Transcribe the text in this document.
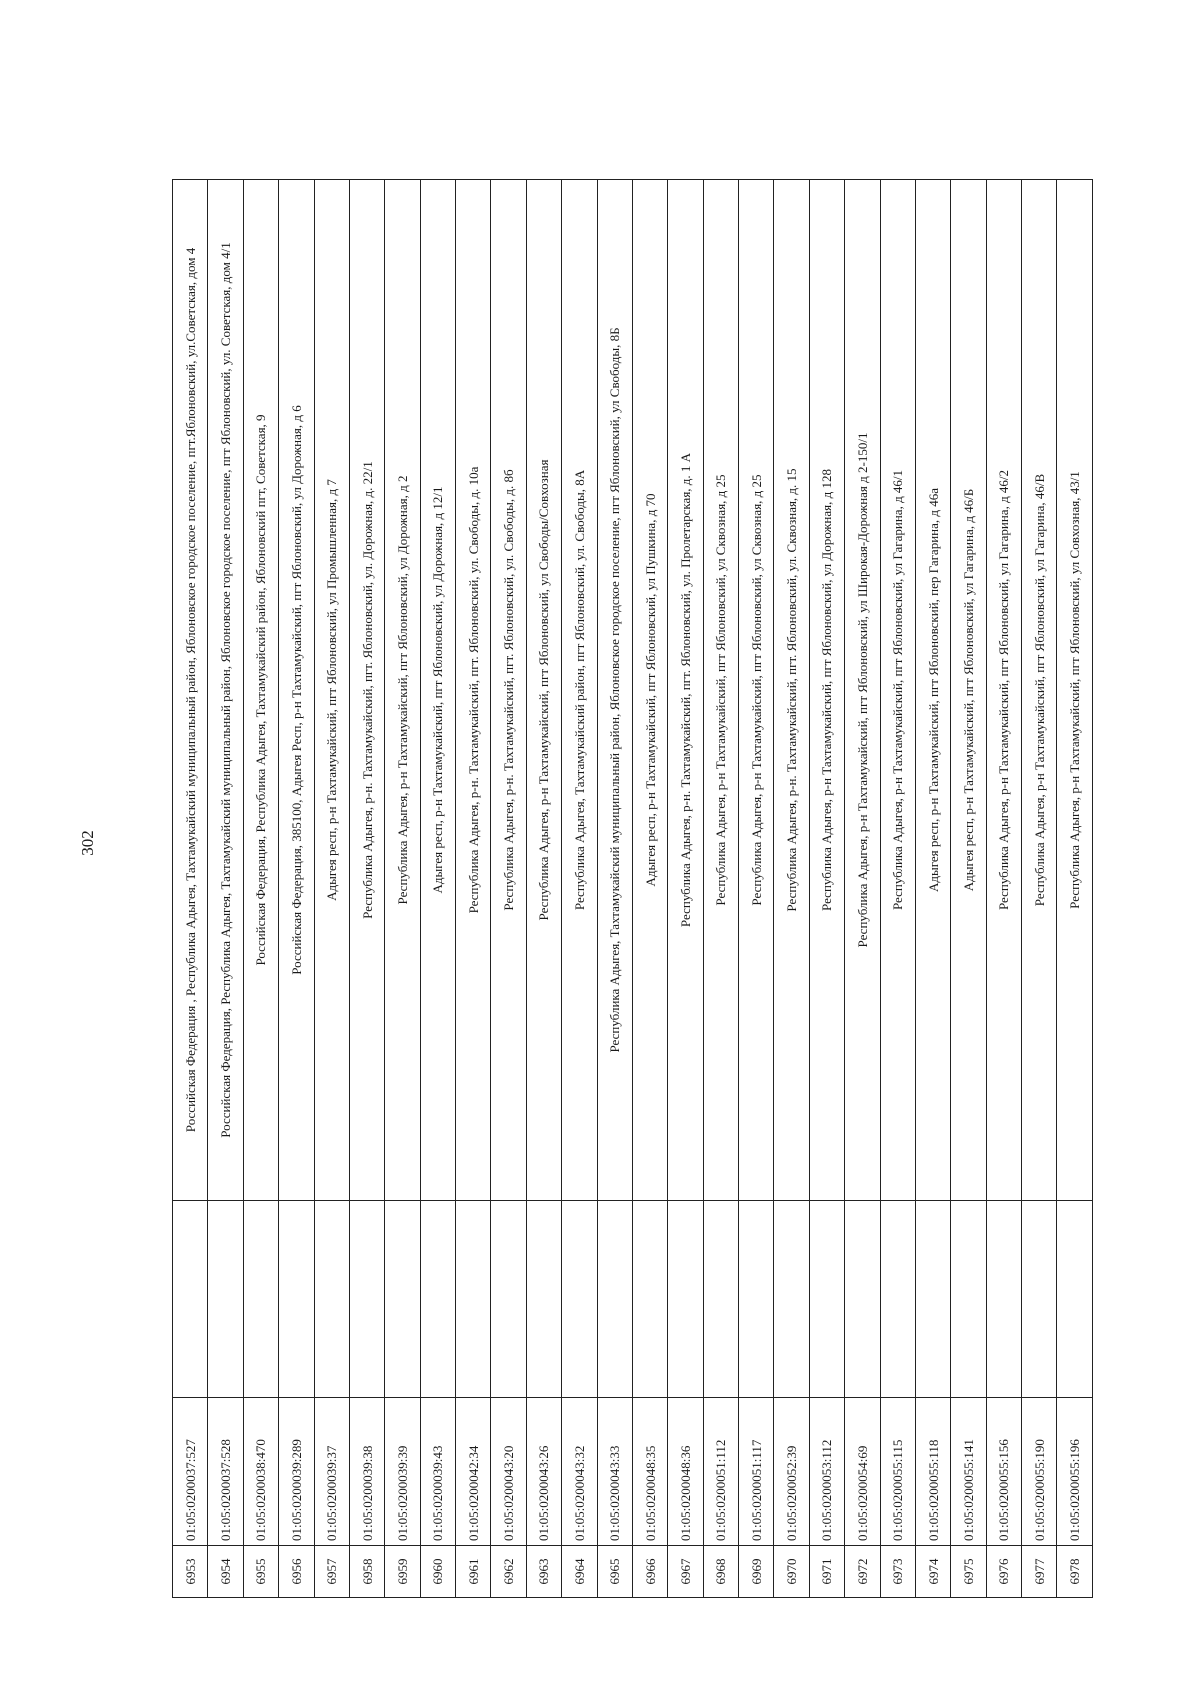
302
6953	01:05:0200037:527		Российская Федерация , Республика Адыгея, Тахтамукайский муниципальный район, Яблоновское городское поселение, пгт.Яблоновский, ул.Советская, дом 4
6954	01:05:0200037:528		Российская Федерация, Республика Адыгея, Тахтамукайский муниципальный район, Яблоновское городское поселение, пгт Яблоновский, ул. Советская, дом 4/1
6955	01:05:0200038:470		Российская Федерация, Республика Адыгея, Тахтамукайский район, Яблоновский пгт, Советская, 9
6956	01:05:0200039:289		Российская Федерация, 385100, Адыгея Респ, р-н Тахтамукайский, пгт Яблоновский, ул Дорожная, д 6
6957	01:05:0200039:37		Адыгея респ, р-н Тахтамукайский, пгт Яблоновский, ул Промышленная, д 7
6958	01:05:0200039:38		Республика Адыгея, р-н. Тахтамукайский, пгт. Яблоновский, ул. Дорожная, д. 22/1
6959	01:05:0200039:39		Республика Адыгея, р-н Тахтамукайский, пгт Яблоновский, ул Дорожная, д 2
6960	01:05:0200039:43		Адыгея респ, р-н Тахтамукайский, пгт Яблоновский, ул Дорожная, д 12/1
6961	01:05:0200042:34		Республика Адыгея, р-н. Тахтамукайский, пгт. Яблоновский, ул. Свободы, д. 10а
6962	01:05:0200043:20		Республика Адыгея, р-н. Тахтамукайский, пгт. Яблоновский, ул. Свободы, д. 8б
6963	01:05:0200043:26		Республика Адыгея, р-н Тахтамукайский, пгт Яблоновский, ул Свободы/Совхозная
6964	01:05:0200043:32		Республика Адыгея, Тахтамукайский район, пгт Яблоновский, ул. Свободы, 8А
6965	01:05:0200043:33		Республика Адыгея, Тахтамукайский муниципальный район, Яблоновское городское поселение, пгт Яблоновский, ул Свободы, 8Б
6966	01:05:0200048:35		Адыгея респ, р-н Тахтамукайский, пгт Яблоновский, ул Пушкина, д 70
6967	01:05:0200048:36		Республика Адыгея, р-н. Тахтамукайский, пгт. Яблоновский, ул. Пролетарская, д. 1 А
6968	01:05:0200051:112		Республика Адыгея, р-н Тахтамукайский, пгт Яблоновский, ул Сквозная, д 25
6969	01:05:0200051:117		Республика Адыгея, р-н Тахтамукайский, пгт Яблоновский, ул Сквозная, д 25
6970	01:05:0200052:39		Республика Адыгея, р-н. Тахтамукайский, пгт. Яблоновский, ул. Сквозная, д. 15
6971	01:05:0200053:112		Республика Адыгея, р-н Тахтамукайский, пгт Яблоновский, ул Дорожная, д 128
6972	01:05:0200054:69		Республика Адыгея, р-н Тахтамукайский, пгт Яблоновский, ул Широкая-Дорожная д 2-150/1
6973	01:05:0200055:115		Республика Адыгея, р-н Тахтамукайский, пгт Яблоновский, ул Гагарина, д 46/1
6974	01:05:0200055:118		Адыгея респ, р-н Тахтамукайский, пгт Яблоновский, пер Гагарина, д 46а
6975	01:05:0200055:141		Адыгея респ, р-н Тахтамукайский, пгт Яблоновский, ул Гагарина, д 46/Б
6976	01:05:0200055:156		Республика Адыгея, р-н Тахтамукайский, пгт Яблоновский, ул Гагарина, д 46/2
6977	01:05:0200055:190		Республика Адыгея, р-н Тахтамукайский, пгт Яблоновский, ул Гагарина, 46/В
6978	01:05:0200055:196		Республика Адыгея, р-н Тахтамукайский, пгт Яблоновский, ул Совхозная, 43/1
